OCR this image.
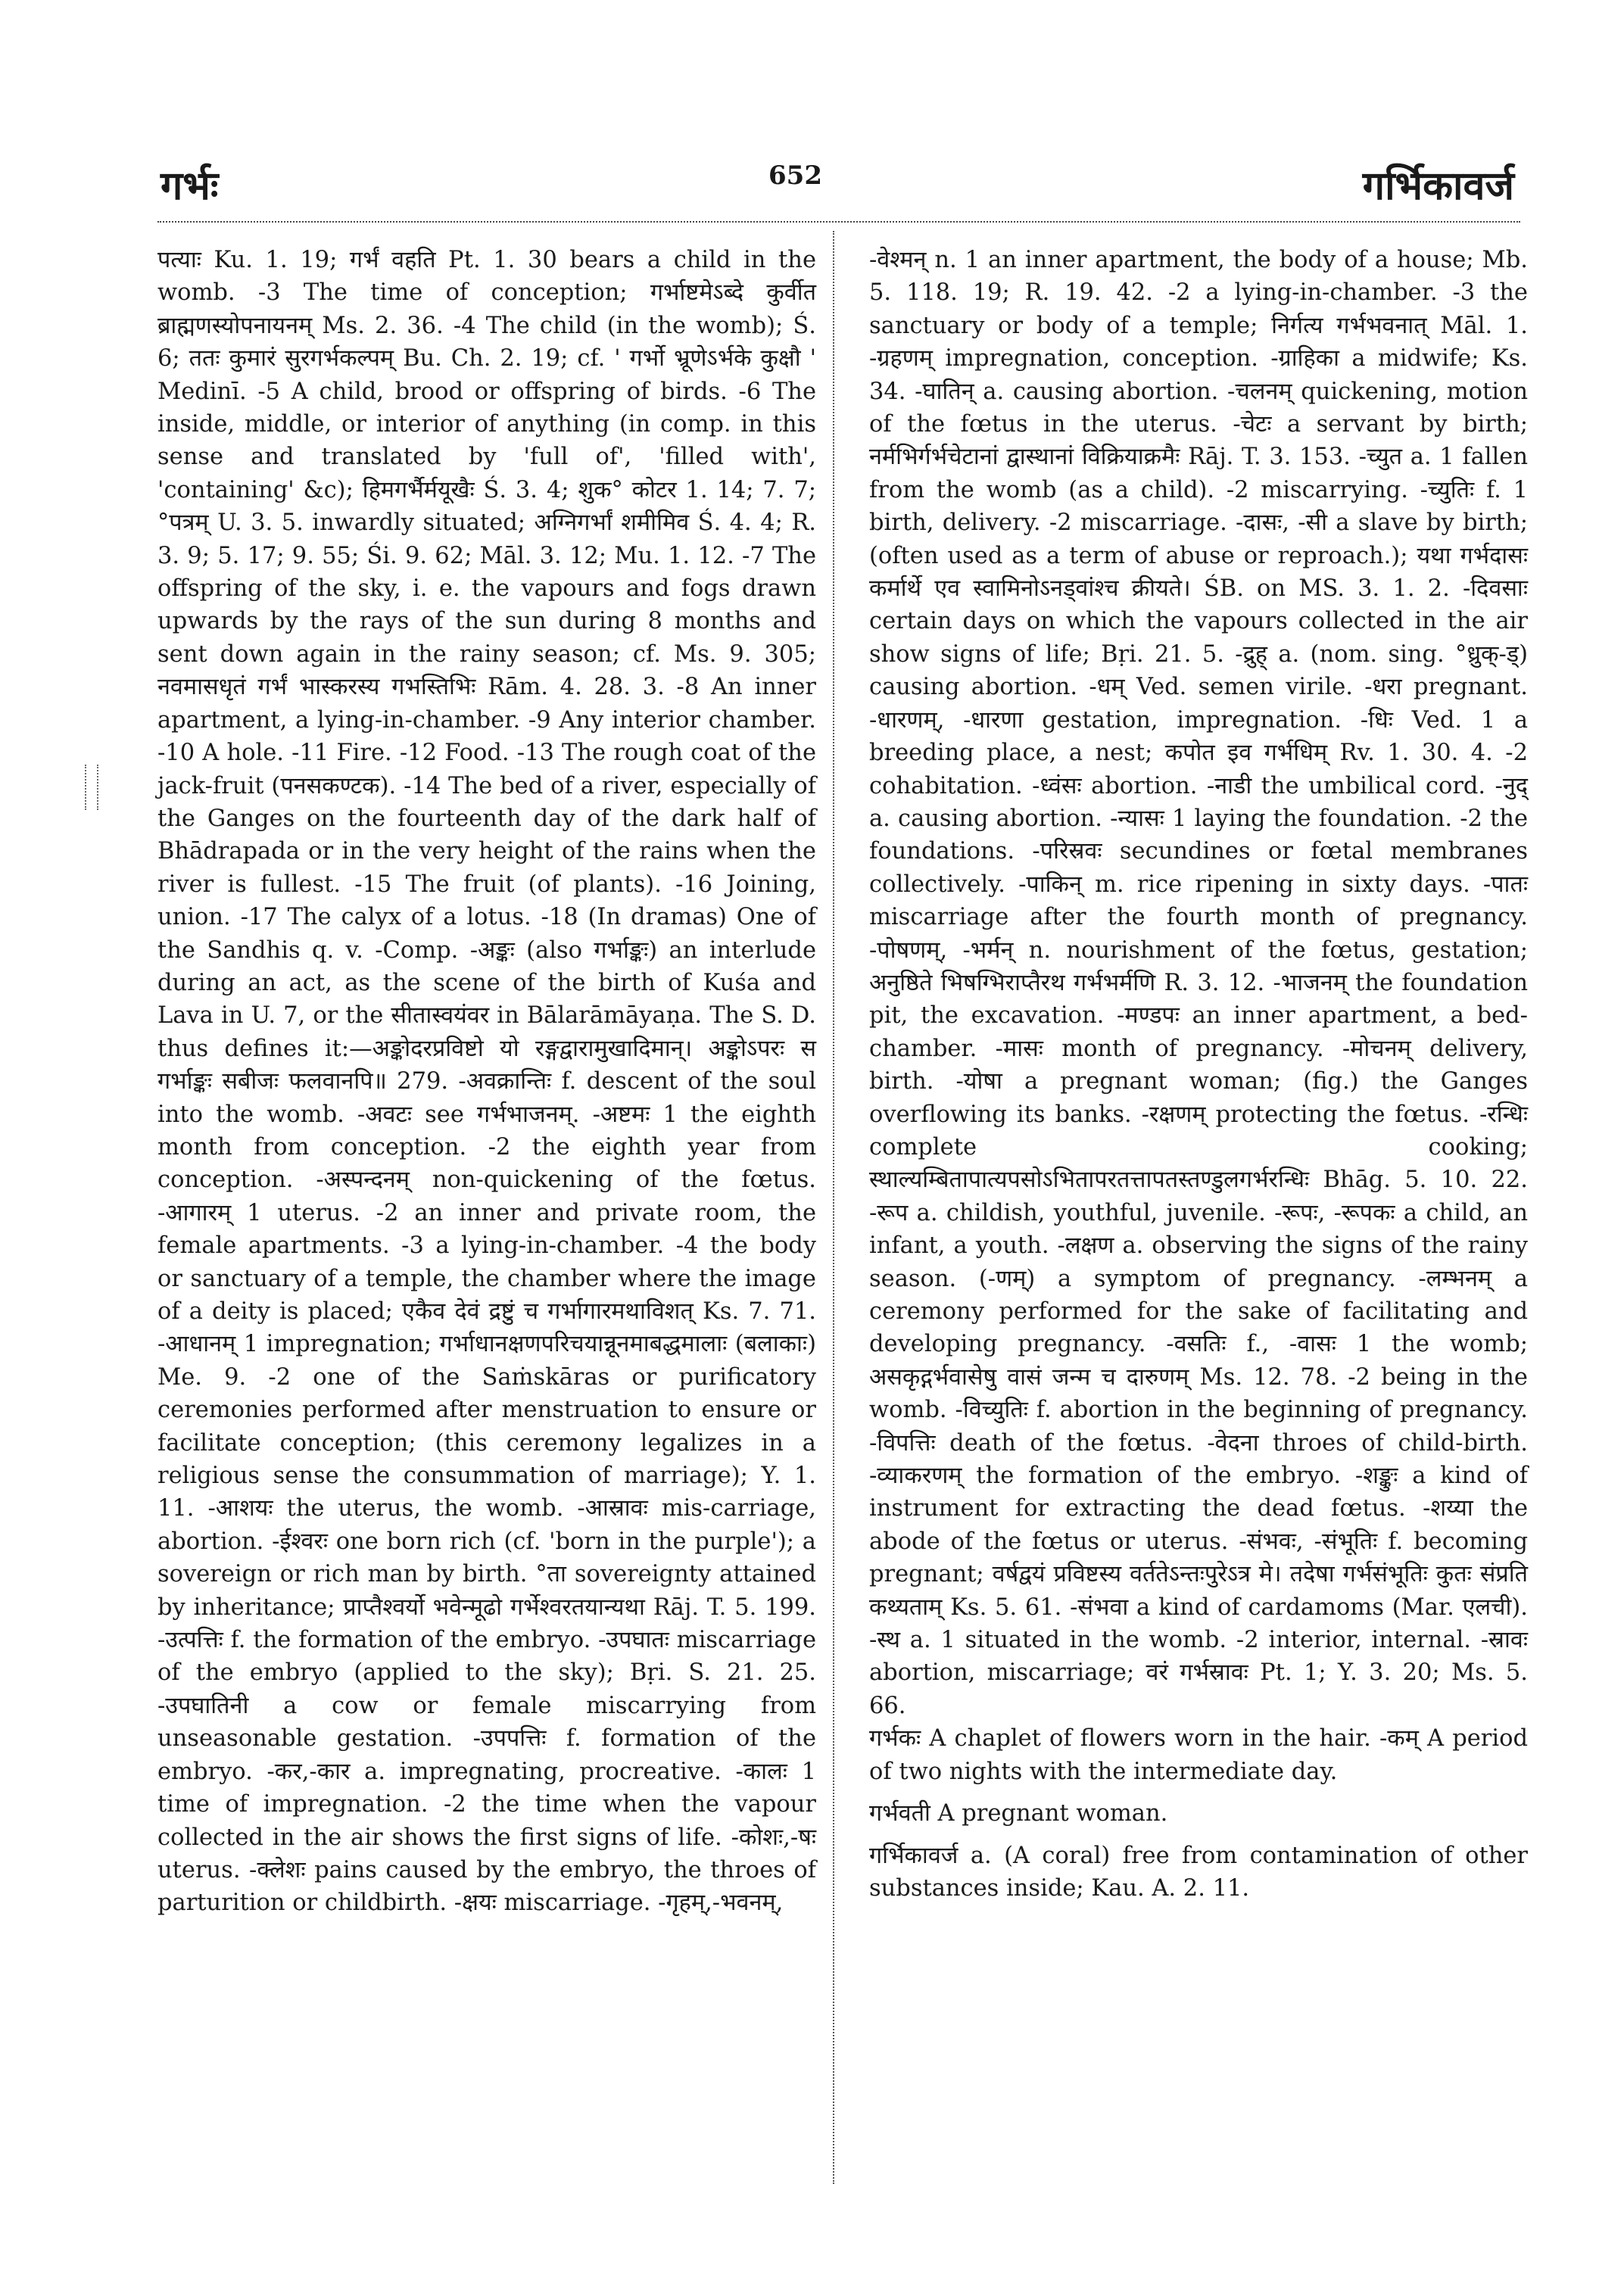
गर्भः	652	गर्भिकावर्ज

पत्याः Ku. 1. 19; गर्भं वहति Pt. 1. 30 bears a child in the womb. -3 The time of conception; गर्भाष्टमेऽब्दे कुर्वीत ब्राह्मणस्योपनायनम् Ms. 2. 36. -4 The child (in the womb); Ś. 6; ततः कुमारं सुरगर्भकल्पम् Bu. Ch. 2. 19; cf. ' गर्भो भ्रूणेऽर्भके कुक्षौ ' Medinī. -5 A child, brood or offspring of birds. -6 The inside, middle, or interior of anything (in comp. in this sense and translated by 'full of', 'filled with', 'containing' &c); हिमगर्भैर्मयूखैः Ś. 3. 4; शुक° कोटर 1. 14; 7. 7; °पत्रम् U. 3. 5. inwardly situated; अग्निगर्भां शमीमिव Ś. 4. 4; R. 3. 9; 5. 17; 9. 55; Śi. 9. 62; Māl. 3. 12; Mu. 1. 12. -7 The offspring of the sky, i. e. the vapours and fogs drawn upwards by the rays of the sun during 8 months and sent down again in the rainy season; cf. Ms. 9. 305; नवमासधृतं गर्भं भास्करस्य गभस्तिभिः Rām. 4. 28. 3. -8 An inner apartment, a lying-in-chamber. -9 Any interior chamber. -10 A hole. -11 Fire. -12 Food. -13 The rough coat of the jack-fruit (पनसकण्टक). -14 The bed of a river, especially of the Ganges on the fourteenth day of the dark half of Bhādrapada or in the very height of the rains when the river is fullest. -15 The fruit (of plants). -16 Joining, union. -17 The calyx of a lotus. -18 (In dramas) One of the Sandhis q. v. -Comp. -अङ्कः (also गर्भाङ्कः) an interlude during an act, as the scene of the birth of Kuśa and Lava in U. 7, or the सीतास्वयंवर in Bālarāmāyaṇa. The S. D. thus defines it:—अङ्कोदरप्रविष्टो यो रङ्गद्वारामुखादिमान्। अङ्कोऽपरः स गर्भाङ्कः सबीजः फलवानपि॥ 279. -अवक्रान्तिः f. descent of the soul into the womb. -अवटः see गर्भभाजनम्. -अष्टमः 1 the eighth month from conception. -2 the eighth year from conception. -अस्पन्दनम् non-quickening of the fœtus. -आगारम् 1 uterus. -2 an inner and private room, the female apartments. -3 a lying-in-chamber. -4 the body or sanctuary of a temple, the chamber where the image of a deity is placed; एकैव देवं द्रष्टुं च गर्भागारमथाविशत् Ks. 7. 71. -आधानम् 1 impregnation; गर्भाधानक्षणपरिचयान्नूनमाबद्धमालाः (बलाकाः) Me. 9. -2 one of the Saṁskāras or purificatory ceremonies performed after menstruation to ensure or facilitate conception; (this ceremony legalizes in a religious sense the consummation of marriage); Y. 1. 11. -आशयः the uterus, the womb. -आस्रावः mis-carriage, abortion. -ईश्वरः one born rich (cf. 'born in the purple'); a sovereign or rich man by birth. °ता sovereignty attained by inheritance; प्राप्तैश्वर्यो भवेन्मूढो गर्भेश्वरतयान्यथा Rāj. T. 5. 199. -उत्पत्तिः f. the formation of the embryo. -उपघातः miscarriage of the embryo (applied to the sky); Bṛi. S. 21. 25. -उपघातिनी a cow or female miscarrying from unseasonable gestation. -उपपत्तिः f. formation of the embryo. -कर,-कार a. impregnating, procreative. -कालः 1 time of impregnation. -2 the time when the vapour collected in the air shows the first signs of life. -कोशः,-षः uterus. -क्लेशः pains caused by the embryo, the throes of parturition or childbirth. -क्षयः miscarriage. -गृहम्,-भवनम्,

-वेश्मन् n. 1 an inner apartment, the body of a house; Mb. 5. 118. 19; R. 19. 42. -2 a lying-in-chamber. -3 the sanctuary or body of a temple; निर्गत्य गर्भभवनात् Māl. 1. -ग्रहणम् impregnation, conception. -ग्राहिका a midwife; Ks. 34. -घातिन् a. causing abortion. -चलनम् quickening, motion of the fœtus in the uterus. -चेटः a servant by birth; नर्मभिर्गर्भचेटानां द्वास्थानां विक्रियाक्रमैः Rāj. T. 3. 153. -च्युत a. 1 fallen from the womb (as a child). -2 miscarrying. -च्युतिः f. 1 birth, delivery. -2 miscarriage. -दासः, -सी a slave by birth; (often used as a term of abuse or reproach.); यथा गर्भदासः कर्मार्थे एव स्वामिनोऽनड्वांश्च क्रीयते। ŚB. on MS. 3. 1. 2. -दिवसाः certain days on which the vapours collected in the air show signs of life; Bṛi. 21. 5. -द्रुह् a. (nom. sing. °ध्रुक्-ड्) causing abortion. -धम् Ved. semen virile. -धरा pregnant. -धारणम्, -धारणा gestation, impregnation. -धिः Ved. 1 a breeding place, a nest; कपोत इव गर्भधिम् Rv. 1. 30. 4. -2 cohabitation. -ध्वंसः abortion. -नाडी the umbilical cord. -नुद् a. causing abortion. -न्यासः 1 laying the foundation. -2 the foundations. -परिस्रवः secundines or fœtal membranes collectively. -पाकिन् m. rice ripening in sixty days. -पातः miscarriage after the fourth month of pregnancy. -पोषणम्, -भर्मन् n. nourishment of the fœtus, gestation; अनुष्ठिते भिषग्भिराप्तैरथ गर्भभर्मणि R. 3. 12. -भाजनम् the foundation pit, the excavation. -मण्डपः an inner apartment, a bed-chamber. -मासः month of pregnancy. -मोचनम् delivery, birth. -योषा a pregnant woman; (fig.) the Ganges overflowing its banks. -रक्षणम् protecting the fœtus. -रन्धिः complete cooking; स्थाल्यम्बितापात्यपसोऽभितापरतत्तापतस्तण्डुलगर्भरन्धिः Bhāg. 5. 10. 22. -रूप a. childish, youthful, juvenile. -रूपः, -रूपकः a child, an infant, a youth. -लक्षण a. observing the signs of the rainy season. (-णम्) a symptom of pregnancy. -लम्भनम् a ceremony performed for the sake of facilitating and developing pregnancy. -वसतिः f., -वासः 1 the womb; असकृद्गर्भवासेषु वासं जन्म च दारुणम् Ms. 12. 78. -2 being in the womb. -विच्युतिः f. abortion in the beginning of pregnancy. -विपत्तिः death of the fœtus. -वेदना throes of child-birth. -व्याकरणम् the formation of the embryo. -शङ्कुः a kind of instrument for extracting the dead fœtus. -शय्या the abode of the fœtus or uterus. -संभवः, -संभूतिः f. becoming pregnant; वर्षद्वयं प्रविष्टस्य वर्ततेऽन्तःपुरेऽत्र मे। तदेषा गर्भसंभूतिः कुतः संप्रति कथ्यताम् Ks. 5. 61. -संभवा a kind of cardamoms (Mar. एलची). -स्थ a. 1 situated in the womb. -2 interior, internal. -स्रावः abortion, miscarriage; वरं गर्भस्रावः Pt. 1; Y. 3. 20; Ms. 5. 66.

गर्भकः A chaplet of flowers worn in the hair. -कम् A period of two nights with the intermediate day.

गर्भवती A pregnant woman.

गर्भिकावर्ज a. (A coral) free from contamination of other substances inside; Kau. A. 2. 11.
